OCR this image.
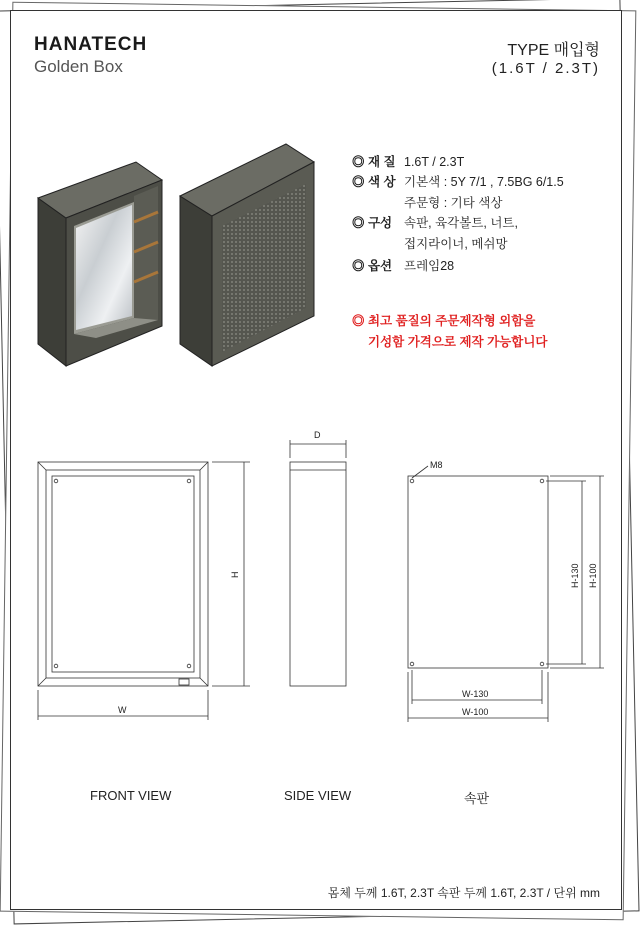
HANATECH
Golden Box
TYPE 매입형
(1.6T / 2.3T)
◎ 재 질 1.6T / 2.3T
◎ 색 상 기본색 : 5Y 7/1 , 7.5BG 6/1.5
주문형 : 기타 색상
◎ 구성 속판, 육각볼트, 너트,
접지라이너, 메쉬망
◎ 옵션 프레임28
◎ 최고 품질의 주문제작형 외함을
기성함 가격으로 제작 가능합니다
W
H
D
M8
H-130 H-100
W-130
W-100
FRONT VIEW	SIDE VIEW	속판
몸체 두께 1.6T, 2.3T 속판 두께 1.6T, 2.3T / 단위 mm
